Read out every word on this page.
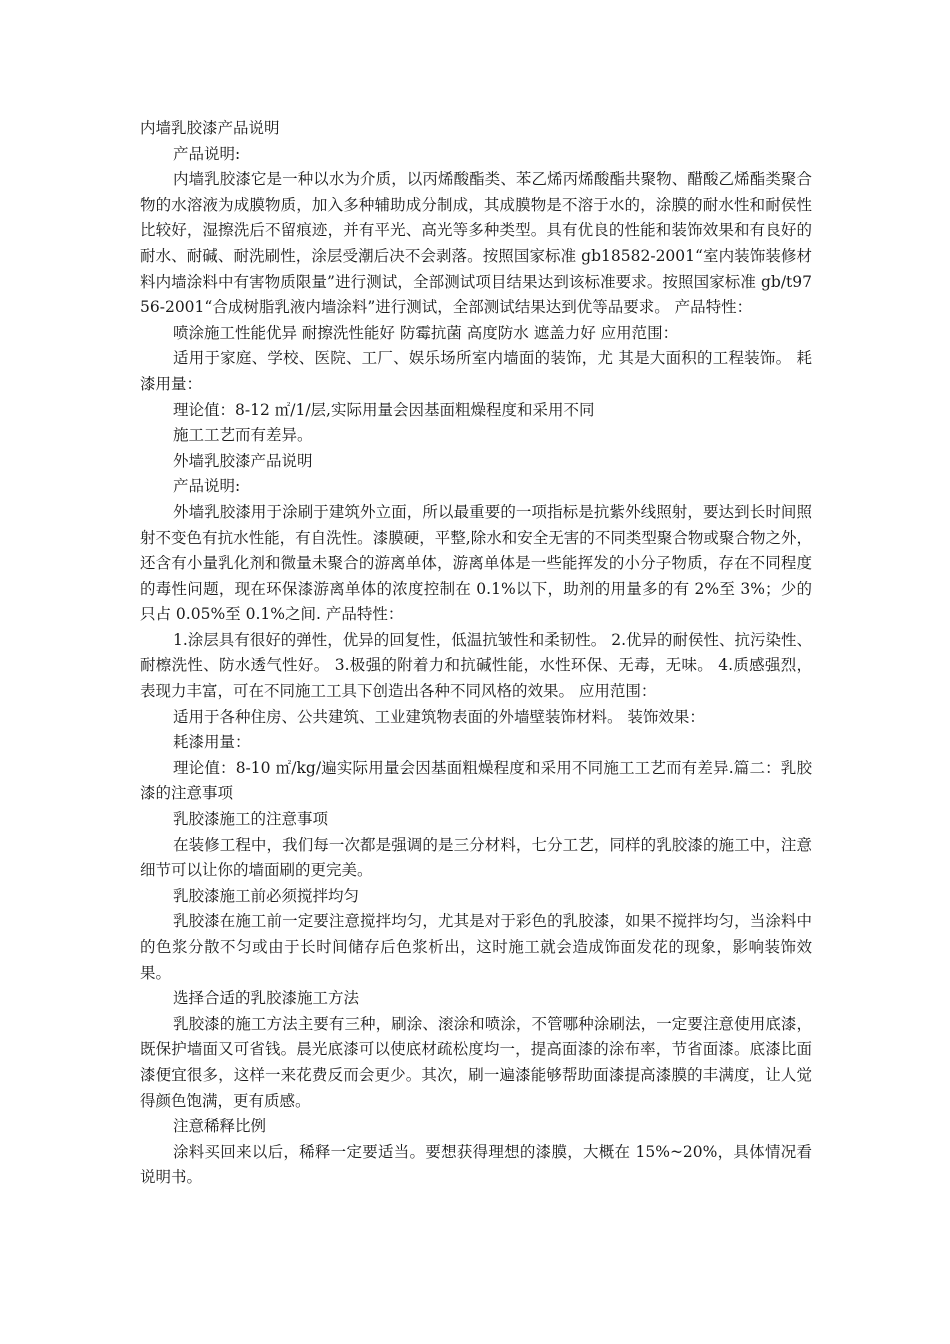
内墙乳胶漆产品说明

产品说明:

内墙乳胶漆它是一种以水为介质，以丙烯酸酯类、苯乙烯丙烯酸酯共聚物、醋酸乙烯酯类聚合物的水溶液为成膜物质，加入多种辅助成分制成，其成膜物是不溶于水的，涂膜的耐水性和耐侯性比较好，湿擦洗后不留痕迹，并有平光、高光等多种类型。具有优良的性能和装饰效果和有良好的耐水、耐碱、耐洗刷性，涂层受潮后决不会剥落。按照国家标准 gb18582-2001“室内装饰装修材料内墙涂料中有害物质限量”进行测试，全部测试项目结果达到该标准要求。按照国家标准 gb/t9756-2001“合成树脂乳液内墙涂料”进行测试，全部测试结果达到优等品要求。 产品特性：

喷涂施工性能优异 耐擦洗性能好 防霉抗菌 高度防水 遮盖力好 应用范围：

适用于家庭、学校、医院、工厂、娱乐场所室内墙面的装饰，尤 其是大面积的工程装饰。 耗漆用量：

理论值：8-12 ㎡/1/层,实际用量会因基面粗燥程度和采用不同

施工工艺而有差异。

外墙乳胶漆产品说明

产品说明:

外墙乳胶漆用于涂刷于建筑外立面，所以最重要的一项指标是抗紫外线照射，要达到长时间照射不变色有抗水性能，有自洗性。漆膜硬，平整,除水和安全无害的不同类型聚合物或聚合物之外，还含有小量乳化剂和微量未聚合的游离单体，游离单体是一些能挥发的小分子物质，存在不同程度的毒性问题，现在环保漆游离单体的浓度控制在 0.1%以下，助剂的用量多的有 2%至 3%；少的只占 0.05%至 0.1%之间. 产品特性：

1.涂层具有很好的弹性，优异的回复性，低温抗皱性和柔韧性。 2.优异的耐侯性、抗污染性、耐檫洗性、防水透气性好。 3.极强的附着力和抗碱性能，水性环保、无毒，无味。 4.质感强烈，表现力丰富，可在不同施工工具下创造出各种不同风格的效果。 应用范围：

适用于各种住房、公共建筑、工业建筑物表面的外墙壁装饰材料。 装饰效果：

耗漆用量：

理论值：8-10 ㎡/kg/遍实际用量会因基面粗燥程度和采用不同施工工艺而有差异.篇二：乳胶漆的注意事项

乳胶漆施工的注意事项

在装修工程中，我们每一次都是强调的是三分材料，七分工艺，同样的乳胶漆的施工中，注意细节可以让你的墙面刷的更完美。

乳胶漆施工前必须搅拌均匀

乳胶漆在施工前一定要注意搅拌均匀，尤其是对于彩色的乳胶漆，如果不搅拌均匀，当涂料中的色浆分散不匀或由于长时间储存后色浆析出，这时施工就会造成饰面发花的现象，影响装饰效果。

选择合适的乳胶漆施工方法

乳胶漆的施工方法主要有三种，刷涂、滚涂和喷涂，不管哪种涂刷法，一定要注意使用底漆，既保护墙面又可省钱。晨光底漆可以使底材疏松度均一，提高面漆的涂布率，节省面漆。底漆比面漆便宜很多，这样一来花费反而会更少。其次，刷一遍漆能够帮助面漆提高漆膜的丰满度，让人觉得颜色饱满，更有质感。

注意稀释比例

涂料买回来以后，稀释一定要适当。要想获得理想的漆膜，大概在 15%~20%，具体情况看说明书。
